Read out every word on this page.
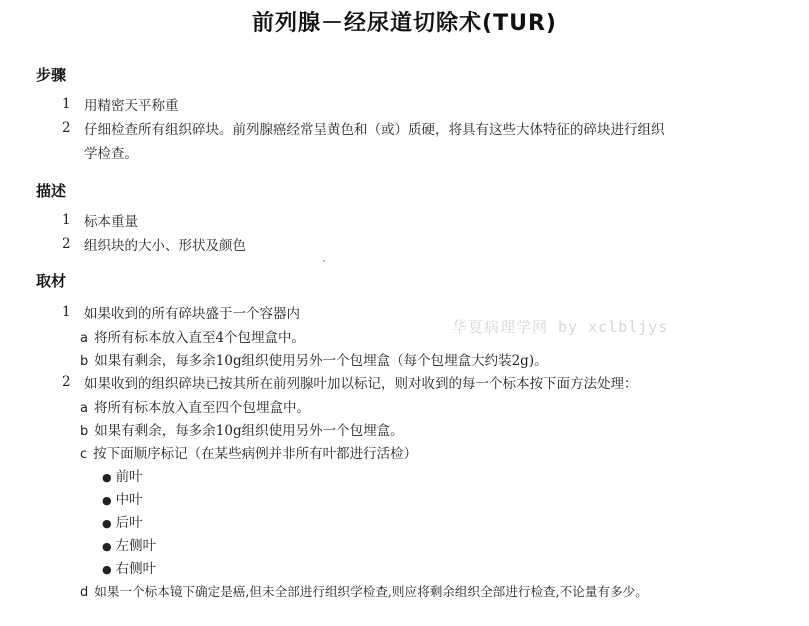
前列腺－经尿道切除术(TUR)
步骤
1 用精密天平称重
2 仔细检查所有组织碎块。前列腺癌经常呈黄色和（或）质硬，将具有这些大体特征的碎块进行组织
学检查。
描述
1 标本重量
2 组织块的大小、形状及颜色
取材
1 如果收到的所有碎块盛于一个容器内
a 将所有标本放入直至4个包埋盒中。
b 如果有剩余，每多余10g组织使用另外一个包埋盒（每个包埋盒大约装2g)。
2 如果收到的组织碎块已按其所在前列腺叶加以标记，则对收到的每一个标本按下面方法处理：
a 将所有标本放入直至四个包埋盒中。
b 如果有剩余，每多余10g组织使用另外一个包埋盒。
c 按下面顺序标记（在某些病例并非所有叶都进行活检）
● 前叶
● 中叶
● 后叶
● 左侧叶
● 右侧叶
d 如果一个标本镜下确定是癌,但未全部进行组织学检查,则应将剩余组织全部进行检查,不论量有多少。
华夏病理学网 by xclbljys
